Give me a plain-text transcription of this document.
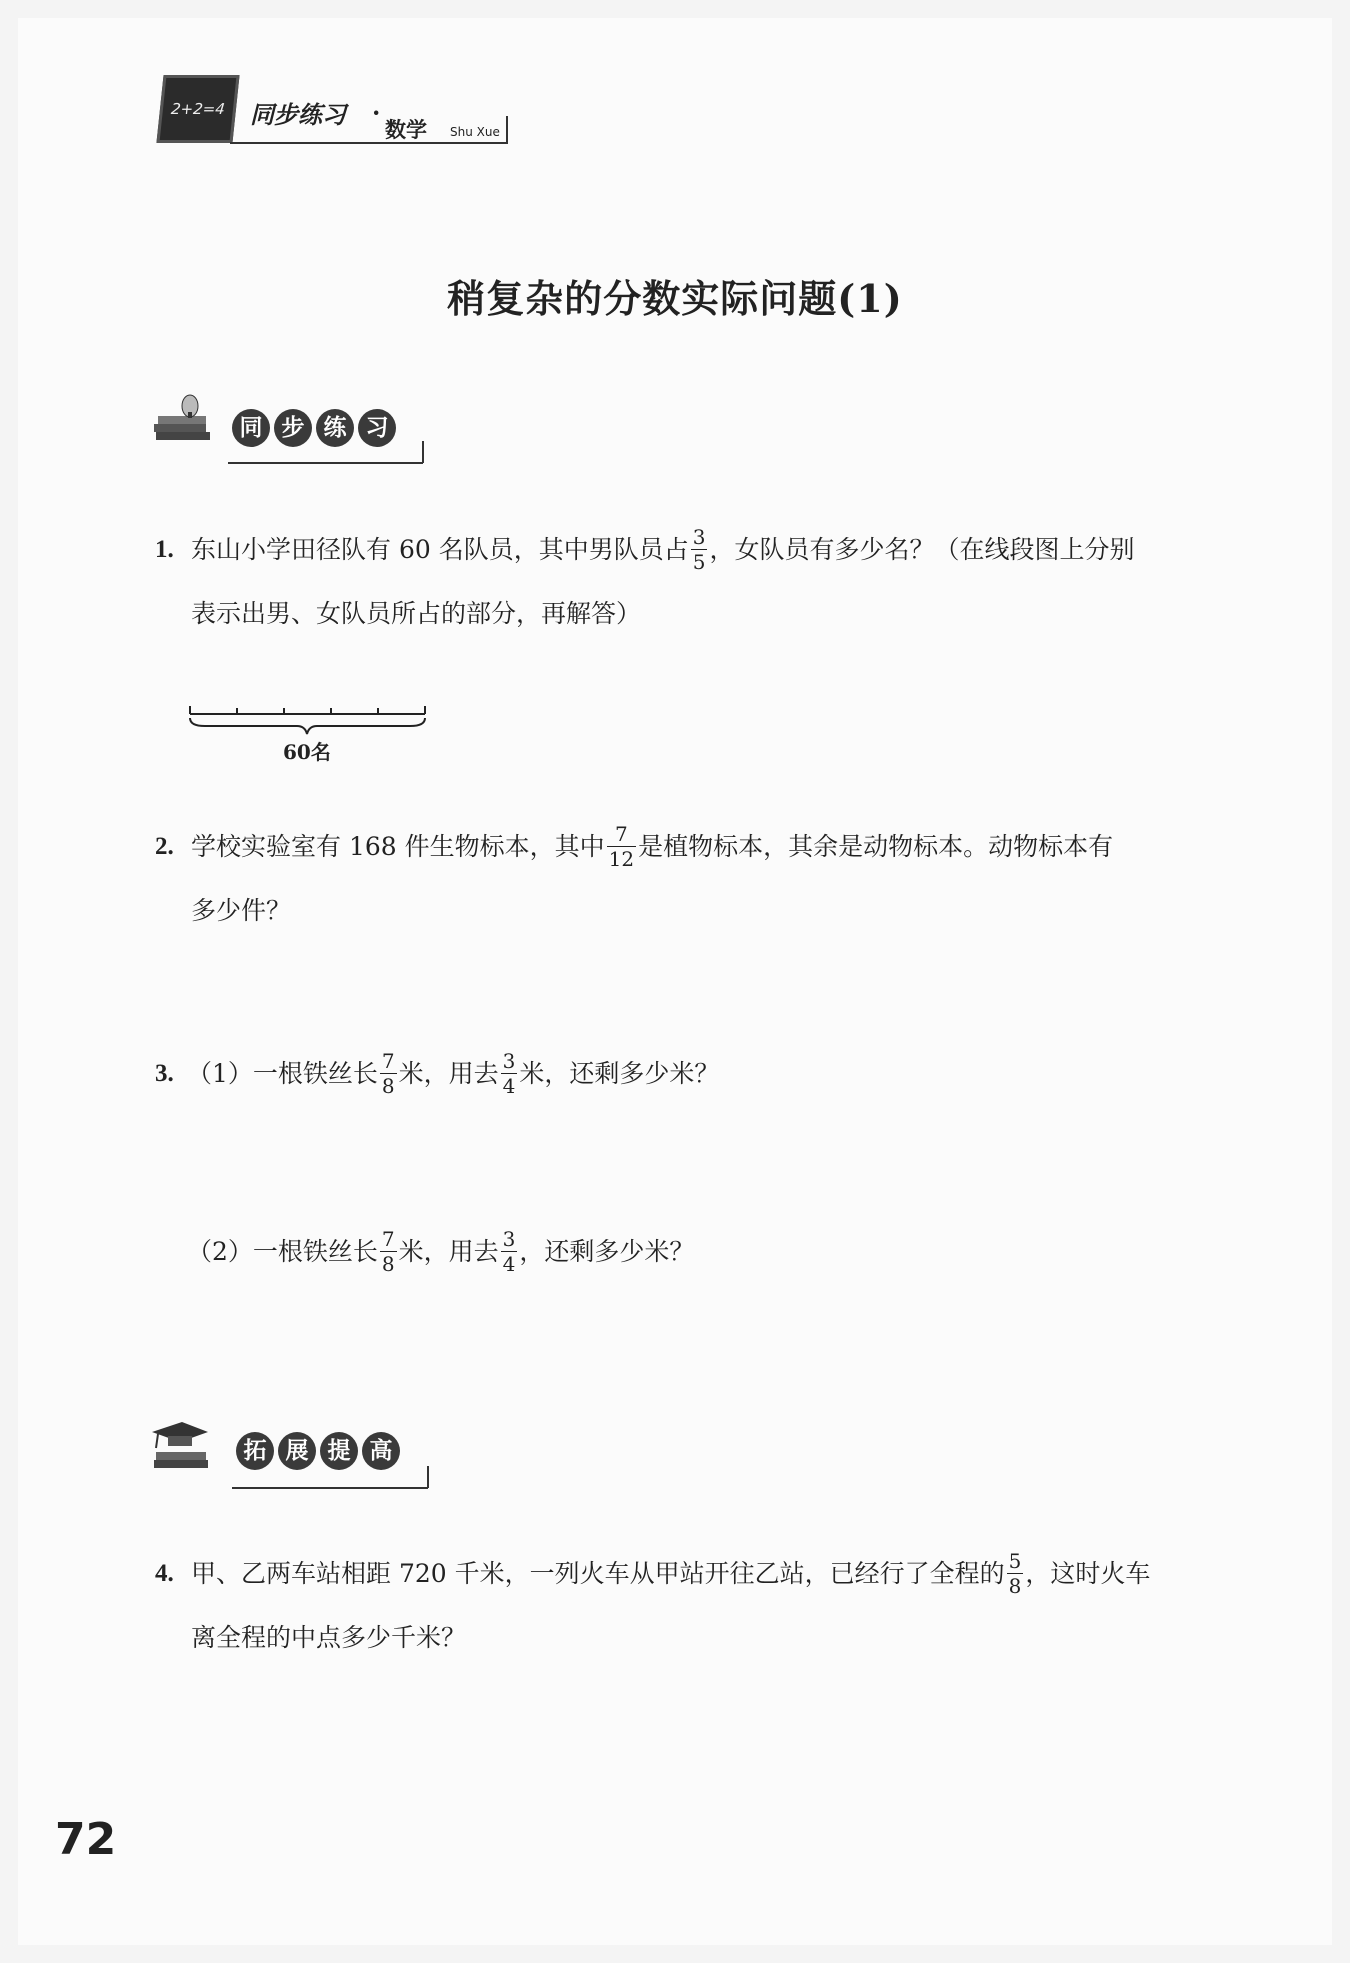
2+2=4 同步练习 ·
数学 Shu Xue
稍复杂的分数实际问题(1)
同 步 练 习
1. 东山小学田径队有 60 名队员，其中男队员占 $\frac{3}{5}$ ，女队员有多少名？（在线段图上分别
表示出男、女队员所占的部分，再解答）
60名
2. 学校实验室有 168 件生物标本，其中 $\frac{7}{12}$ 是植物标本，其余是动物标本。动物标本有
多少件？
3. （1）一根铁丝长 $\frac{7}{8}$ 米，用去 $\frac{3}{4}$ 米，还剩多少米？
（2）一根铁丝长 $\frac{7}{8}$ 米，用去 $\frac{3}{4}$ ，还剩多少米？
拓 展 提 高
4. 甲、乙两车站相距 720 千米，一列火车从甲站开往乙站，已经行了全程的 $\frac{5}{8}$ ，这时火车
离全程的中点多少千米？
72
